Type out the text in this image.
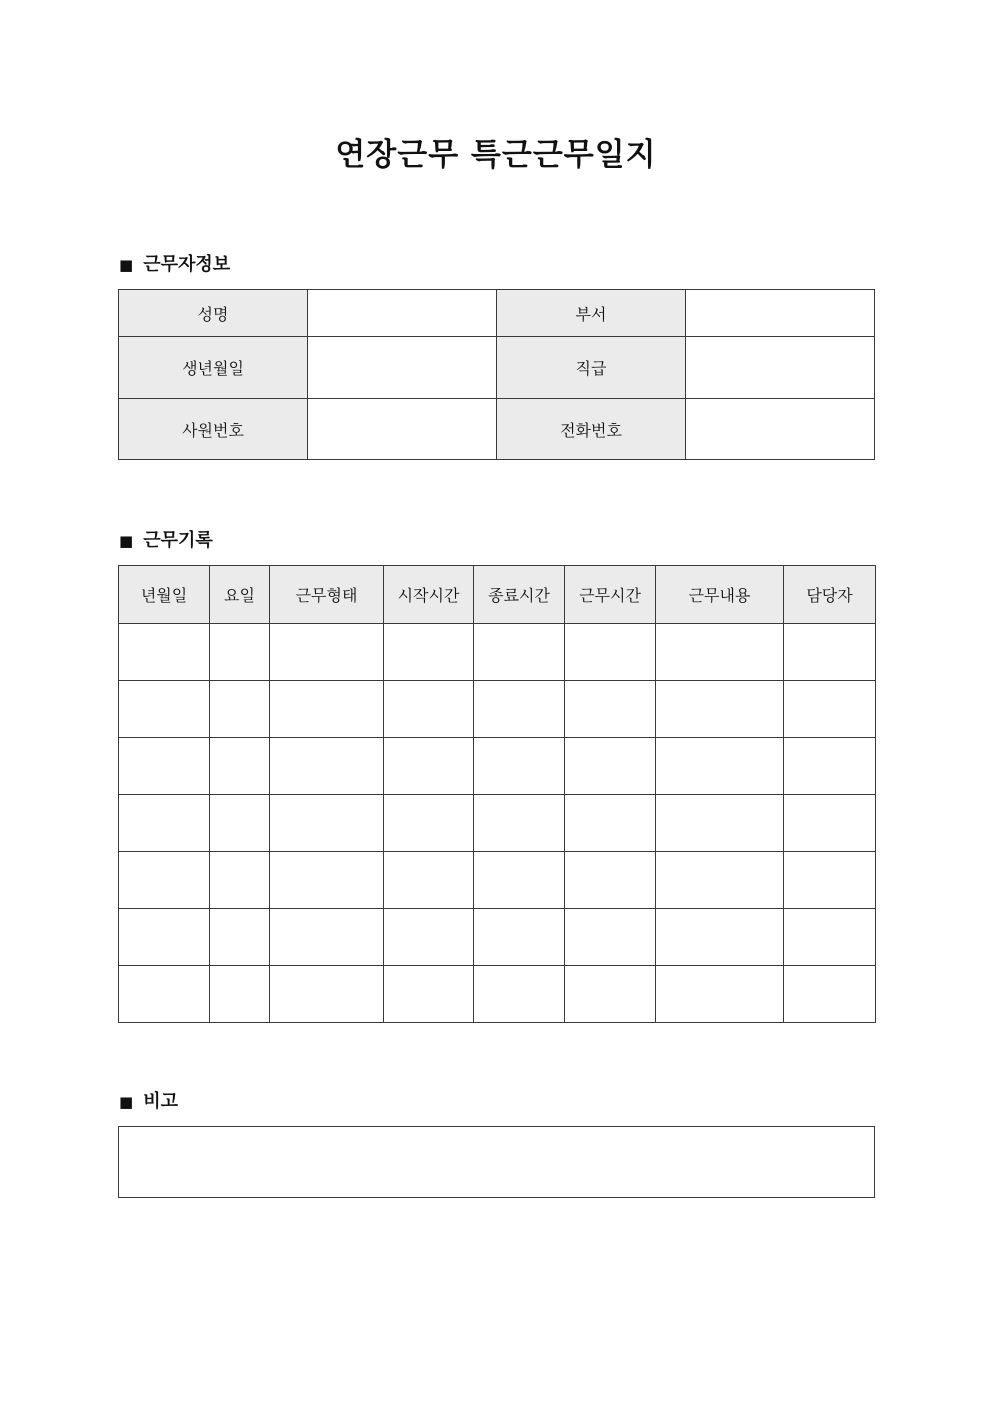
연장근무 특근근무일지
■ 근무자정보
성명		부서	
생년월일		직급	
사원번호		전화번호	
■ 근무기록
년월일	요일	근무형태	시작시간	종료시간	근무시간	근무내용	담당자

■ 비고
